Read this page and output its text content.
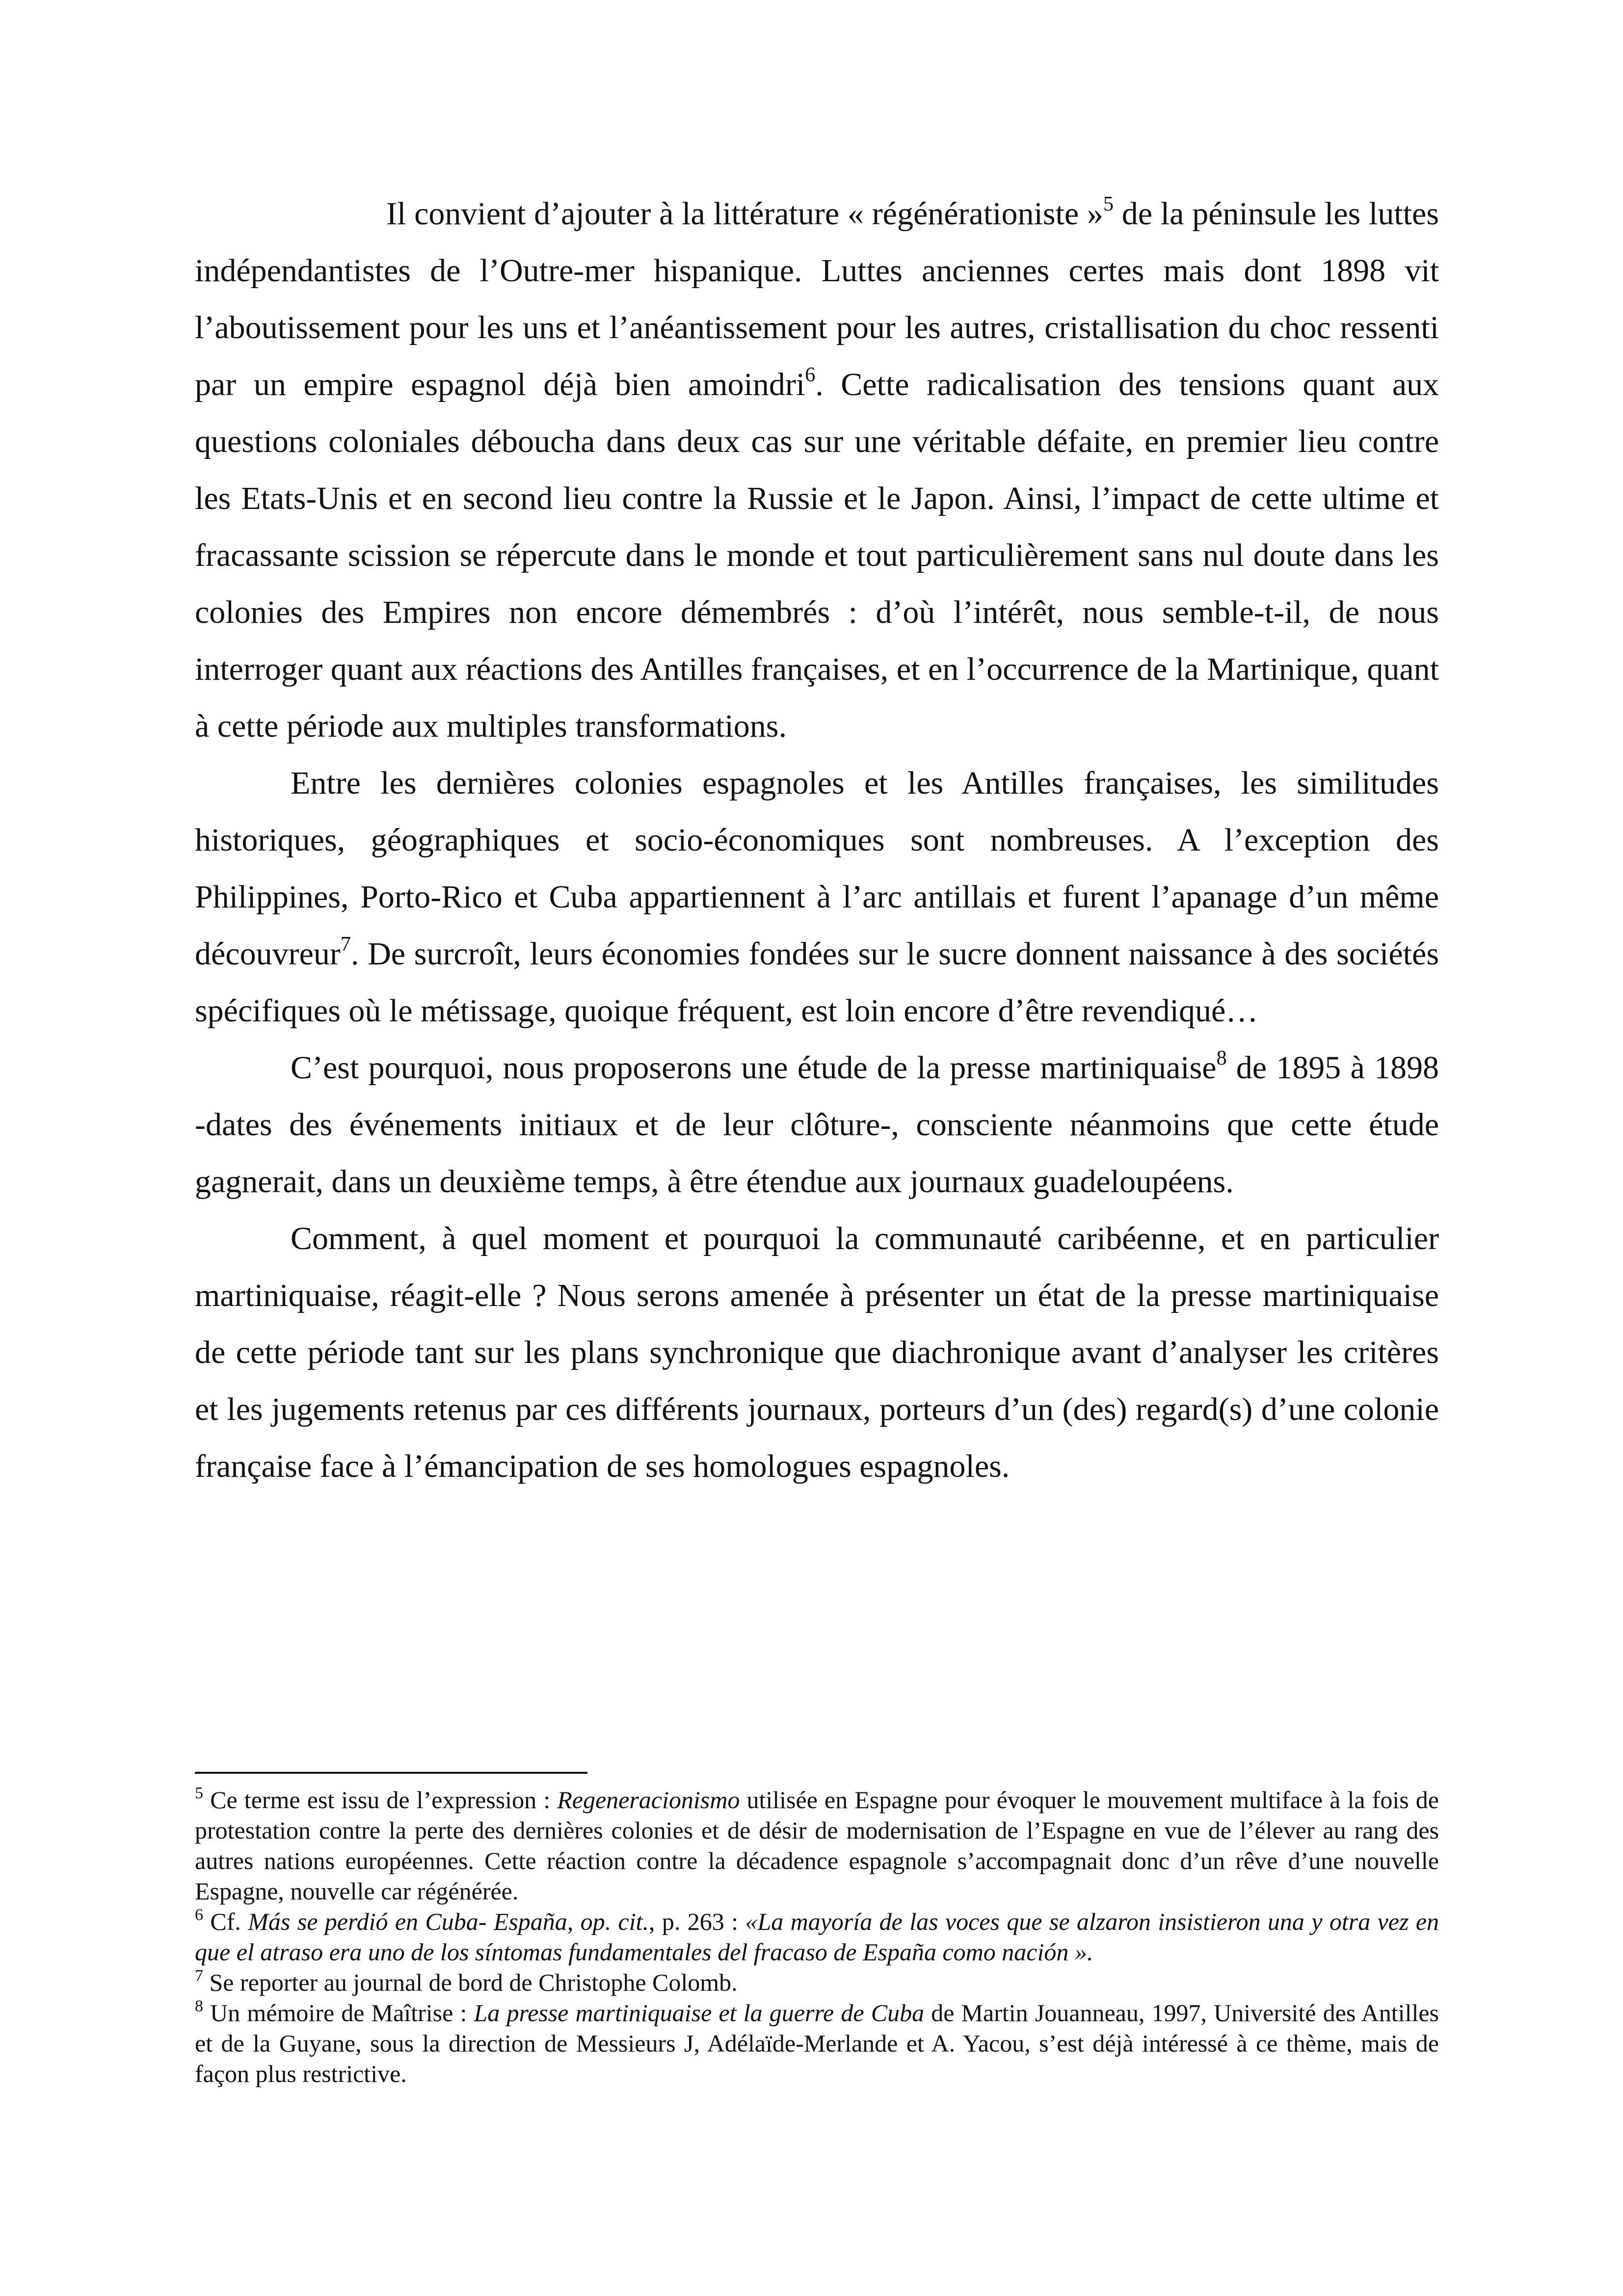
Il convient d’ajouter à la littérature « régénérationiste »$^5$ de la péninsule les luttes indépendantistes de l’Outre-mer hispanique. Luttes anciennes certes mais dont 1898 vit l’aboutissement pour les uns et l’anéantissement pour les autres, cristallisation du choc ressenti par un empire espagnol déjà bien amoindri$^6$. Cette radicalisation des tensions quant aux questions coloniales déboucha dans deux cas sur une véritable défaite, en premier lieu contre les Etats-Unis et en second lieu contre la Russie et le Japon. Ainsi, l’impact de cette ultime et fracassante scission se répercute dans le monde et tout particulièrement sans nul doute dans les colonies des Empires non encore démembrés : d’où l’intérêt, nous semble-t-il, de nous interroger quant aux réactions des Antilles françaises, et en l’occurrence de la Martinique, quant à cette période aux multiples transformations.

Entre les dernières colonies espagnoles et les Antilles françaises, les similitudes historiques, géographiques et socio-économiques sont nombreuses. A l’exception des Philippines, Porto-Rico et Cuba appartiennent à l’arc antillais et furent l’apanage d’un même découvreur$^7$. De surcroît, leurs économies fondées sur le sucre donnent naissance à des sociétés spécifiques où le métissage, quoique fréquent, est loin encore d’être revendiqué…

C’est pourquoi, nous proposerons une étude de la presse martiniquaise$^8$ de 1895 à 1898 -dates des événements initiaux et de leur clôture-, consciente néanmoins que cette étude gagnerait, dans un deuxième temps, à être étendue aux journaux guadeloupéens.

Comment, à quel moment et pourquoi la communauté caribéenne, et en particulier martiniquaise, réagit-elle ? Nous serons amenée à présenter un état de la presse martiniquaise de cette période tant sur les plans synchronique que diachronique avant d’analyser les critères et les jugements retenus par ces différents journaux, porteurs d’un (des) regard(s) d’une colonie française face à l’émancipation de ses homologues espagnoles.

$^5$ Ce terme est issu de l’expression : Regeneracionismo utilisée en Espagne pour évoquer le mouvement multiface à la fois de protestation contre la perte des dernières colonies et de désir de modernisation de l’Espagne en vue de l’élever au rang des autres nations européennes. Cette réaction contre la décadence espagnole s’accompagnait donc d’un rêve d’une nouvelle Espagne, nouvelle car régénérée.

$^6$ Cf. Más se perdió en Cuba- España, op. cit., p. 263 : «La mayoría de las voces que se alzaron insistieron una y otra vez en que el atraso era uno de los síntomas fundamentales del fracaso de España como nación ».

$^7$ Se reporter au journal de bord de Christophe Colomb.

$^8$ Un mémoire de Maîtrise : La presse martiniquaise et la guerre de Cuba de Martin Jouanneau, 1997, Université des Antilles et de la Guyane, sous la direction de Messieurs J, Adélaïde-Merlande et A. Yacou, s’est déjà intéressé à ce thème, mais de façon plus restrictive.
